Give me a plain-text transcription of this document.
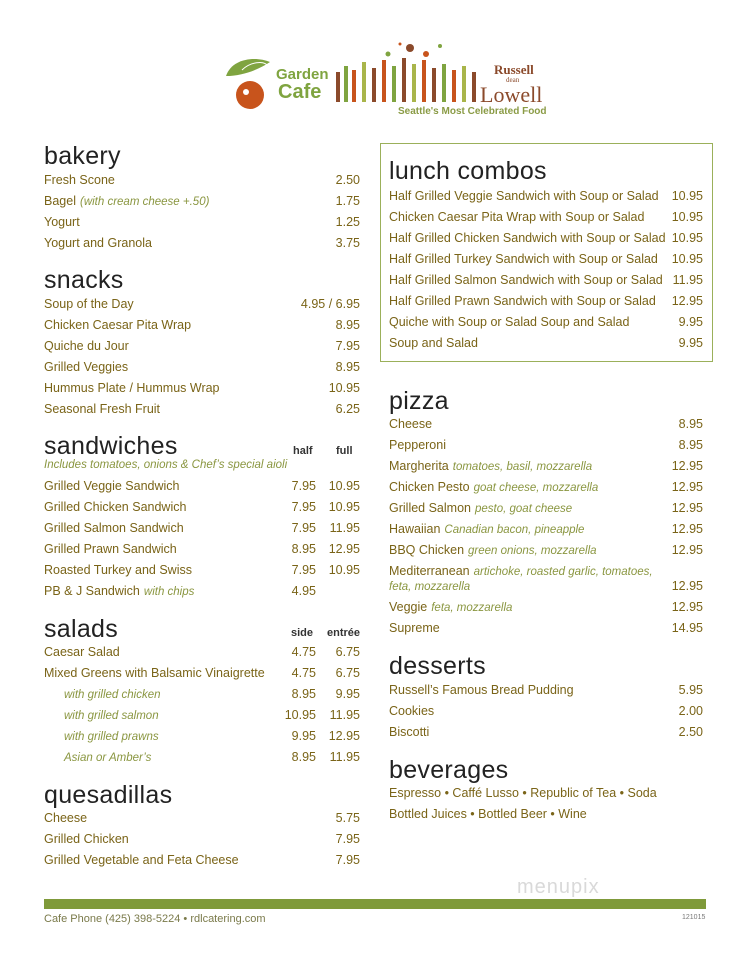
Garden
Cafe
Russell
dean
Lowell
Seattle's Most Celebrated Food
bakery
Fresh Scone	2.50
Bagel (with cream cheese +.50)	1.75
Yogurt	1.25
Yogurt and Granola	3.75
snacks
Soup of the Day	4.95 / 6.95
Chicken Caesar Pita Wrap	8.95
Quiche du Jour	7.95
Grilled Veggies	8.95
Hummus Plate / Hummus Wrap	10.95
Seasonal Fresh Fruit	6.25
sandwiches	half full
Includes tomatoes, onions & Chef’s special aioli
Grilled Veggie Sandwich	7.95 10.95
Grilled Chicken Sandwich	7.95 10.95
Grilled Salmon Sandwich	7.95 11.95
Grilled Prawn Sandwich	8.95 12.95
Roasted Turkey and Swiss	7.95 10.95
PB & J Sandwich with chips	4.95
salads	side entrée
Caesar Salad	4.75 6.75
Mixed Greens with Balsamic Vinaigrette 4.75 6.75
with grilled chicken	8.95 9.95
with grilled salmon	10.95 11.95
with grilled prawns	9.95 12.95
Asian or Amber’s	8.95 11.95
quesadillas
Cheese	5.75
Grilled Chicken	7.95
Grilled Vegetable and Feta Cheese	7.95
lunch combos
Half Grilled Veggie Sandwich with Soup or Salad 10.95
Chicken Caesar Pita Wrap with Soup or Salad 10.95
Half Grilled Chicken Sandwich with Soup or Salad 10.95
Half Grilled Turkey Sandwich with Soup or Salad 10.95
Half Grilled Salmon Sandwich with Soup or Salad 11.95
Half Grilled Prawn Sandwich with Soup or Salad 12.95
Quiche with Soup or Salad Soup and Salad	9.95
Soup and Salad	9.95
pizza
Cheese	8.95
Pepperoni	8.95
Margherita tomatoes, basil, mozzarella	12.95
Chicken Pesto goat cheese, mozzarella	12.95
Grilled Salmon pesto, goat cheese	12.95
Hawaiian Canadian bacon, pineapple	12.95
BBQ Chicken green onions, mozzarella	12.95
Mediterranean artichoke, roasted garlic, tomatoes,
feta, mozzarella	12.95
Veggie feta, mozzarella	12.95
Supreme	14.95
desserts
Russell’s Famous Bread Pudding	5.95
Cookies	2.00
Biscotti	2.50
beverages
Espresso • Caffé Lusso • Republic of Tea • Soda
Bottled Juices • Bottled Beer • Wine
menupix
Cafe Phone (425) 398-5224 • rdlcatering.com	121015
